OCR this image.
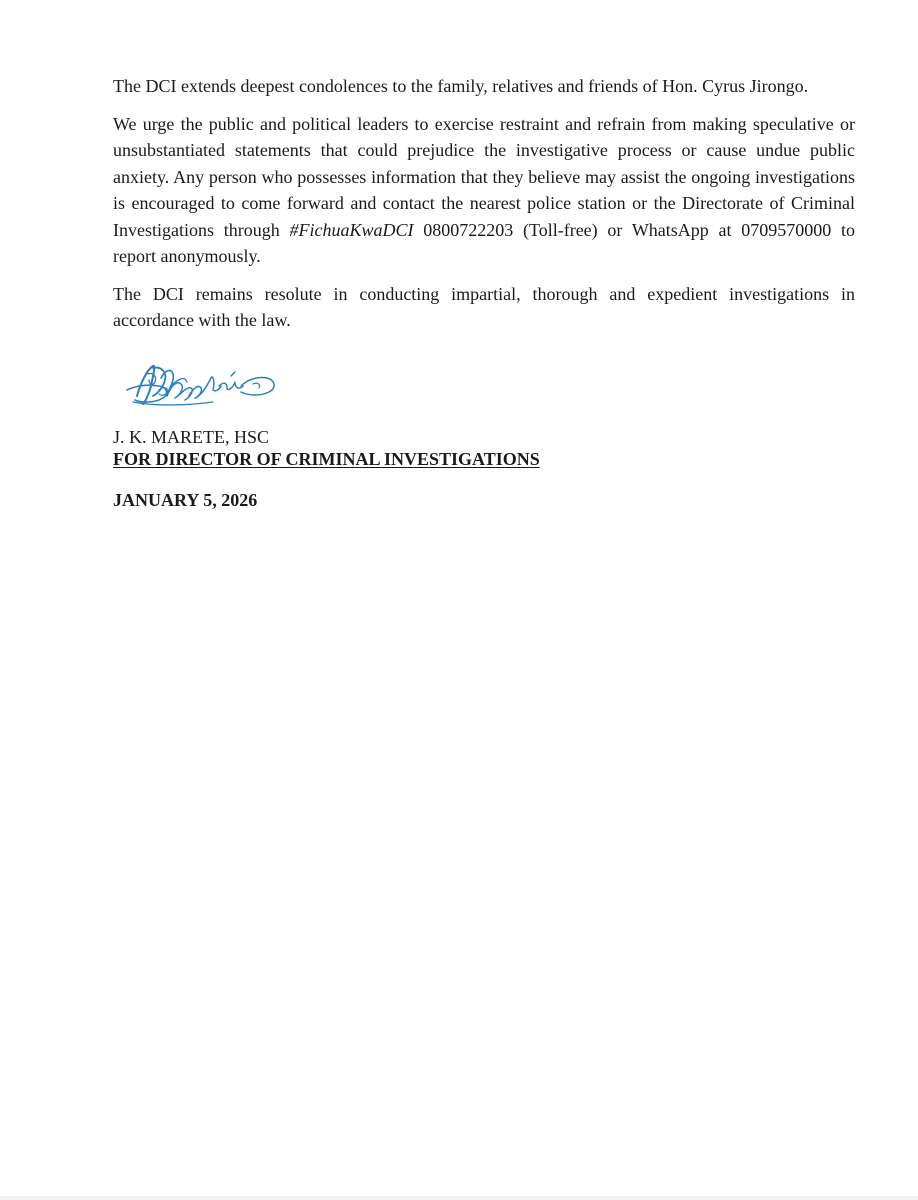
The DCI extends deepest condolences to the family, relatives and friends of Hon. Cyrus Jirongo.

We urge the public and political leaders to exercise restraint and refrain from making speculative or unsubstantiated statements that could prejudice the investigative process or cause undue public anxiety. Any person who possesses information that they believe may assist the ongoing investigations is encouraged to come forward and contact the nearest police station or the Directorate of Criminal Investigations through #FichuaKwaDCI 0800722203 (Toll-free) or WhatsApp at 0709570000 to report anonymously.

The DCI remains resolute in conducting impartial, thorough and expedient investigations in accordance with the law.

J. K. MARETE, HSC
FOR DIRECTOR OF CRIMINAL INVESTIGATIONS
JANUARY 5, 2026
